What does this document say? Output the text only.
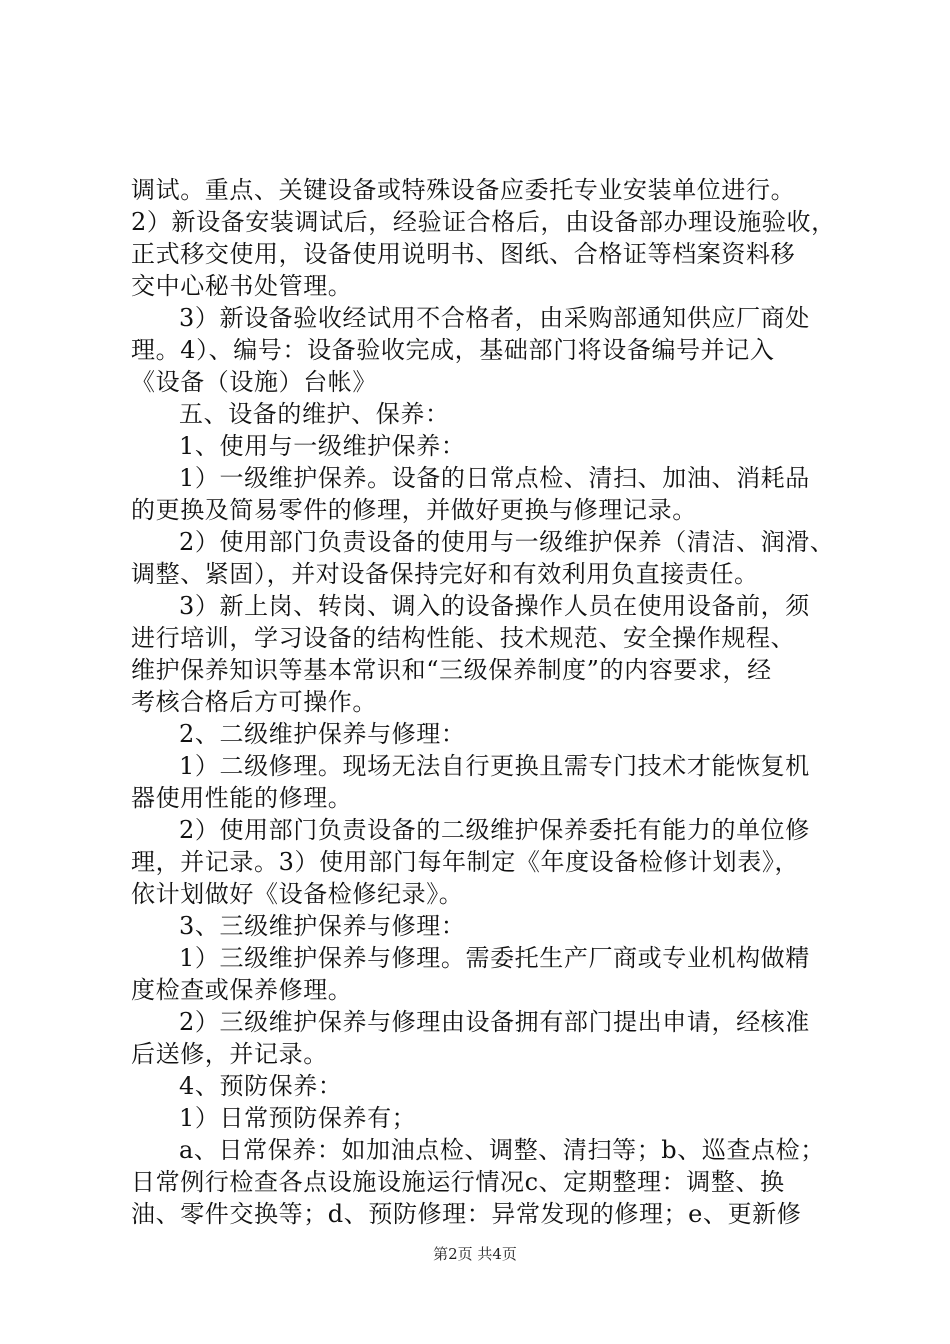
调试。重点、关键设备或特殊设备应委托专业安装单位进行。
2）新设备安装调试后，经验证合格后，由设备部办理设施验收，
正式移交使用，设备使用说明书、图纸、合格证等档案资料移
交中心秘书处管理。
3）新设备验收经试用不合格者，由采购部通知供应厂商处
理。4）、编号：设备验收完成，基础部门将设备编号并记入
《设备（设施）台帐》
五、设备的维护、保养：
1、使用与一级维护保养：
1）一级维护保养。设备的日常点检、清扫、加油、消耗品
的更换及简易零件的修理，并做好更换与修理记录。
2）使用部门负责设备的使用与一级维护保养（清洁、润滑、
调整、紧固），并对设备保持完好和有效利用负直接责任。
3）新上岗、转岗、调入的设备操作人员在使用设备前，须
进行培训，学习设备的结构性能、技术规范、安全操作规程、
维护保养知识等基本常识和“三级保养制度”的内容要求，经
考核合格后方可操作。
2、二级维护保养与修理：
1）二级修理。现场无法自行更换且需专门技术才能恢复机
器使用性能的修理。
2）使用部门负责设备的二级维护保养委托有能力的单位修
理，并记录。3）使用部门每年制定《年度设备检修计划表》，
依计划做好《设备检修纪录》。
3、三级维护保养与修理：
1）三级维护保养与修理。需委托生产厂商或专业机构做精
度检查或保养修理。
2）三级维护保养与修理由设备拥有部门提出申请，经核准
后送修，并记录。
4、预防保养：
1）日常预防保养有；
a、日常保养：如加油点检、调整、清扫等；b、巡查点检；
日常例行检查各点设施设施运行情况c、定期整理：调整、换
油、零件交换等；d、预防修理：异常发现的修理；e、更新修
第2页 共4页
